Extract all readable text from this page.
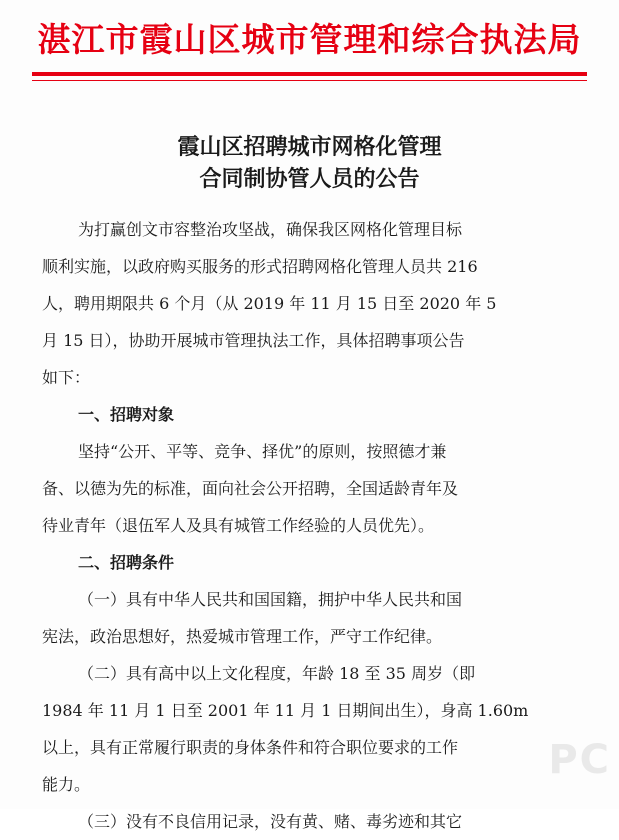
湛江市霞山区城市管理和综合执法局
霞山区招聘城市网格化管理
合同制协管人员的公告
为打赢创文市容整治攻坚战，确保我区网格化管理目标
顺利实施，以政府购买服务的形式招聘网格化管理人员共 216
人，聘用期限共 6 个月（从 2019 年 11 月 15 日至 2020 年 5
月 15 日），协助开展城市管理执法工作，具体招聘事项公告
如下：
一、招聘对象
坚持“公开、平等、竞争、择优”的原则，按照德才兼
备、以德为先的标准，面向社会公开招聘，全国适龄青年及
待业青年（退伍军人及具有城管工作经验的人员优先）。
二、招聘条件
（一）具有中华人民共和国国籍，拥护中华人民共和国
宪法，政治思想好，热爱城市管理工作，严守工作纪律。
（二）具有高中以上文化程度，年龄 18 至 35 周岁（即
1984 年 11 月 1 日至 2001 年 11 月 1 日期间出生），身高 1.60m
以上，具有正常履行职责的身体条件和符合职位要求的工作
能力。
（三）没有不良信用记录，没有黄、赌、毒劣迹和其它
PC
